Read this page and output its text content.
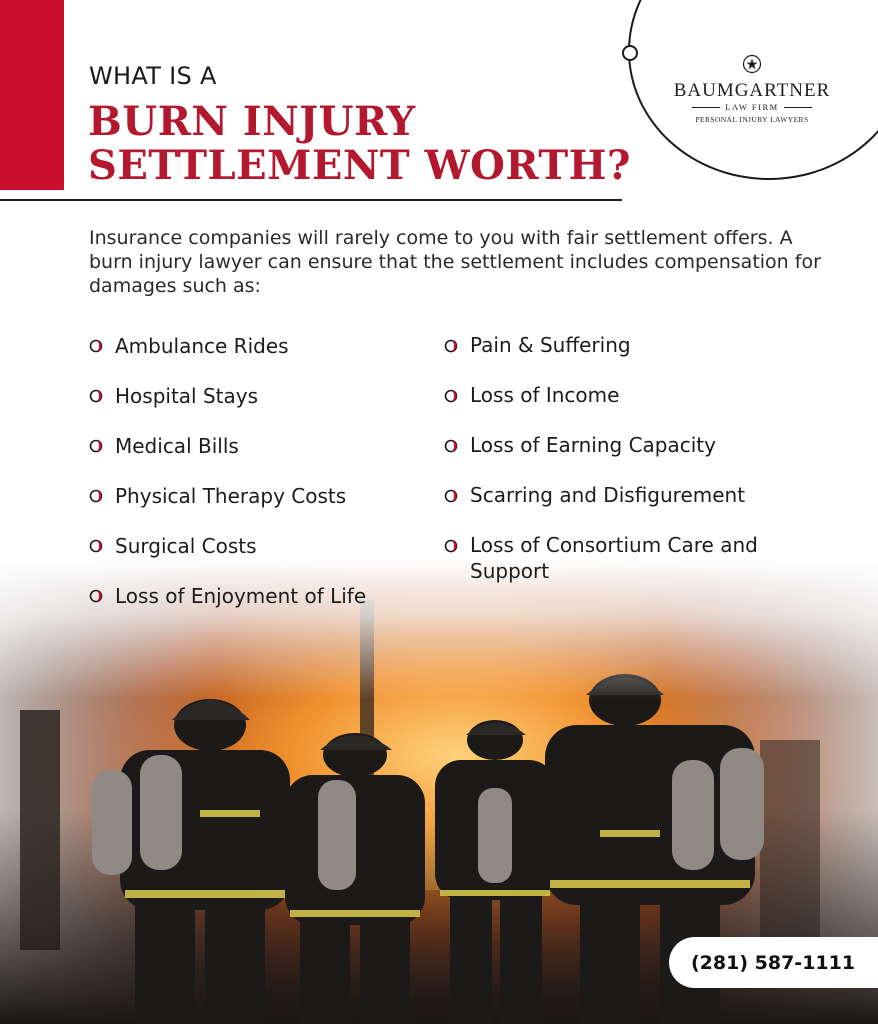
BAUMGARTNER
LAW FIRM
PERSONAL INJURY LAWYERS
WHAT IS A
BURN INJURY
SETTLEMENT WORTH?

Insurance companies will rarely come to you with fair settlement offers. A burn injury lawyer can ensure that the settlement includes compensation for damages such as:

Ambulance Rides
Hospital Stays
Medical Bills
Physical Therapy Costs
Surgical Costs
Loss of Enjoyment of Life
Pain & Suffering
Loss of Income
Loss of Earning Capacity
Scarring and Disfigurement
Loss of Consortium Care and Support
(281) 587-1111
